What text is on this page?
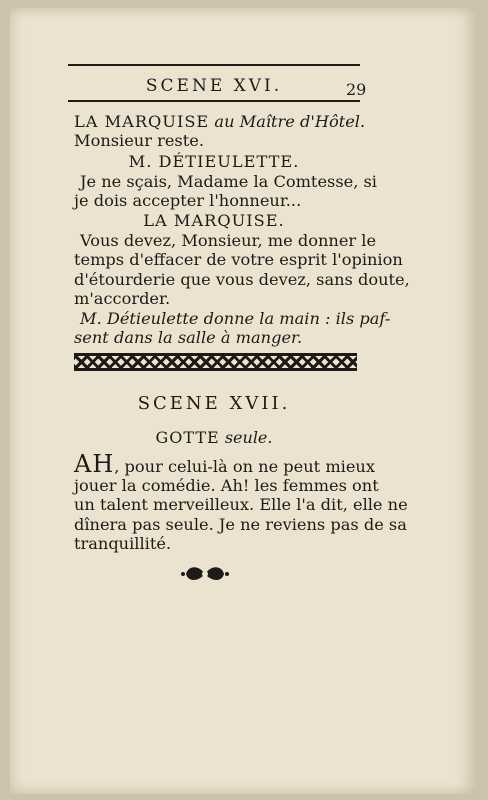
SCENE XVI.	29
LA MARQUISE au Maître d'Hôtel.
Monsieur reste.
M. DÉTIEULETTE.
Je ne sçais, Madame la Comtesse, si
je dois accepter l'honneur...
LA MARQUISE.
Vous devez, Monsieur, me donner le
temps d'effacer de votre esprit l'opinion
d'étourderie que vous devez, sans doute,
m'accorder.
M. Détieulette donne la main : ils paf-
sent dans la salle à manger.
SCENE XVII.
GOTTE seule.
AH, pour celui-là on ne peut mieux
jouer la comédie. Ah! les femmes ont
un talent merveilleux. Elle l'a dit, elle ne
dînera pas seule. Je ne reviens pas de sa
tranquillité.
